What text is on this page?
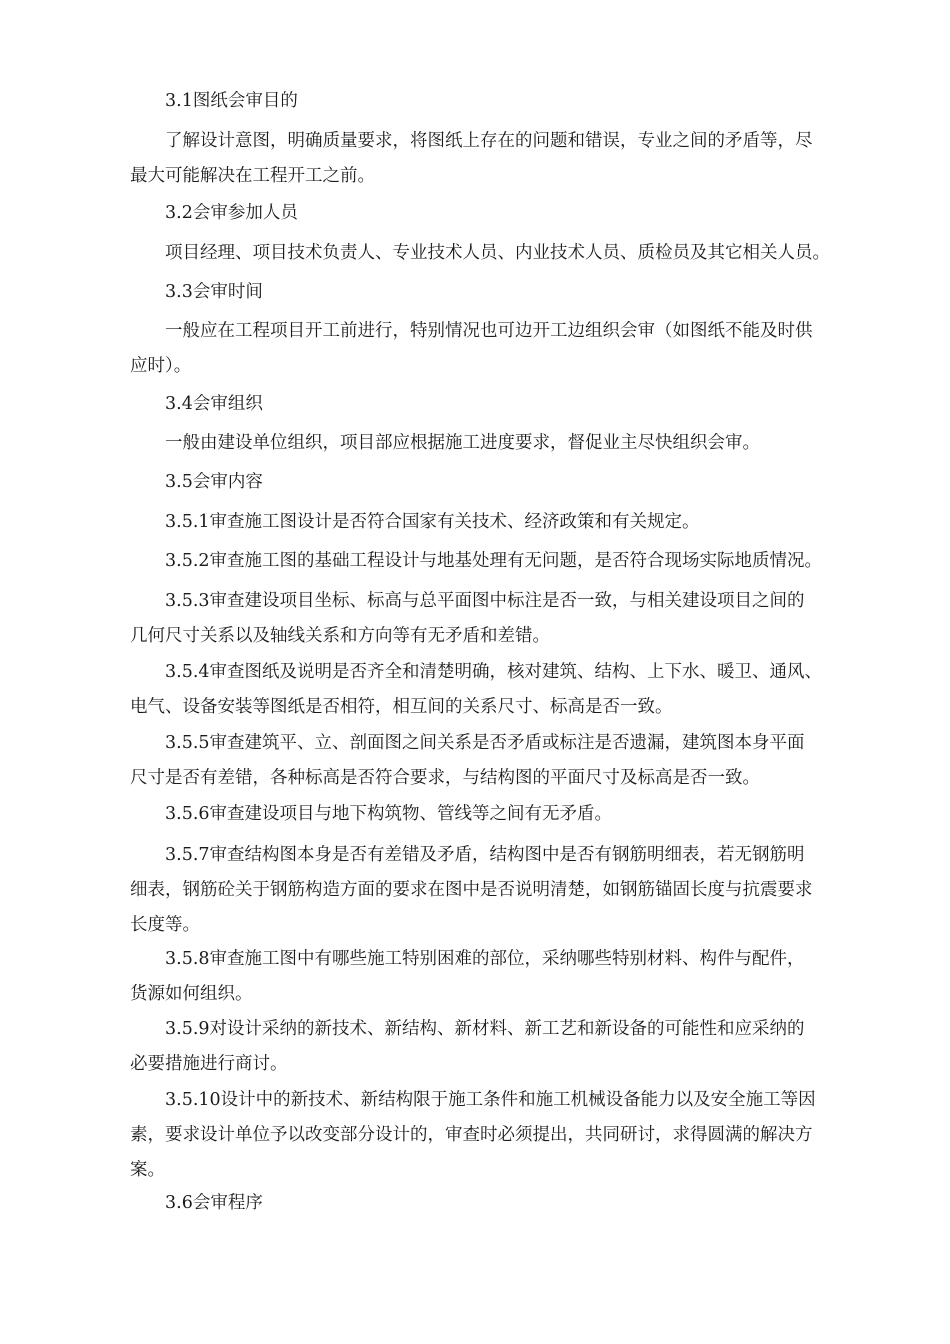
3.1图纸会审目的
了解设计意图，明确质量要求，将图纸上存在的问题和错误，专业之间的矛盾等，尽
最大可能解决在工程开工之前。
3.2会审参加人员
项目经理、项目技术负责人、专业技术人员、内业技术人员、质检员及其它相关人员。
3.3会审时间
一般应在工程项目开工前进行，特别情况也可边开工边组织会审（如图纸不能及时供
应时）。
3.4会审组织
一般由建设单位组织，项目部应根据施工进度要求，督促业主尽快组织会审。
3.5会审内容
3.5.1审查施工图设计是否符合国家有关技术、经济政策和有关规定。
3.5.2审查施工图的基础工程设计与地基处理有无问题，是否符合现场实际地质情况。
3.5.3审查建设项目坐标、标高与总平面图中标注是否一致，与相关建设项目之间的
几何尺寸关系以及轴线关系和方向等有无矛盾和差错。
3.5.4审查图纸及说明是否齐全和清楚明确，核对建筑、结构、上下水、暖卫、通风、
电气、设备安装等图纸是否相符，相互间的关系尺寸、标高是否一致。
3.5.5审查建筑平、立、剖面图之间关系是否矛盾或标注是否遗漏，建筑图本身平面
尺寸是否有差错，各种标高是否符合要求，与结构图的平面尺寸及标高是否一致。
3.5.6审查建设项目与地下构筑物、管线等之间有无矛盾。
3.5.7审查结构图本身是否有差错及矛盾，结构图中是否有钢筋明细表，若无钢筋明
细表，钢筋砼关于钢筋构造方面的要求在图中是否说明清楚，如钢筋锚固长度与抗震要求
长度等。
3.5.8审查施工图中有哪些施工特别困难的部位，采纳哪些特别材料、构件与配件，
货源如何组织。
3.5.9对设计采纳的新技术、新结构、新材料、新工艺和新设备的可能性和应采纳的
必要措施进行商讨。
3.5.10设计中的新技术、新结构限于施工条件和施工机械设备能力以及安全施工等因
素，要求设计单位予以改变部分设计的，审查时必须提出，共同研讨，求得圆满的解决方
案。
3.6会审程序
